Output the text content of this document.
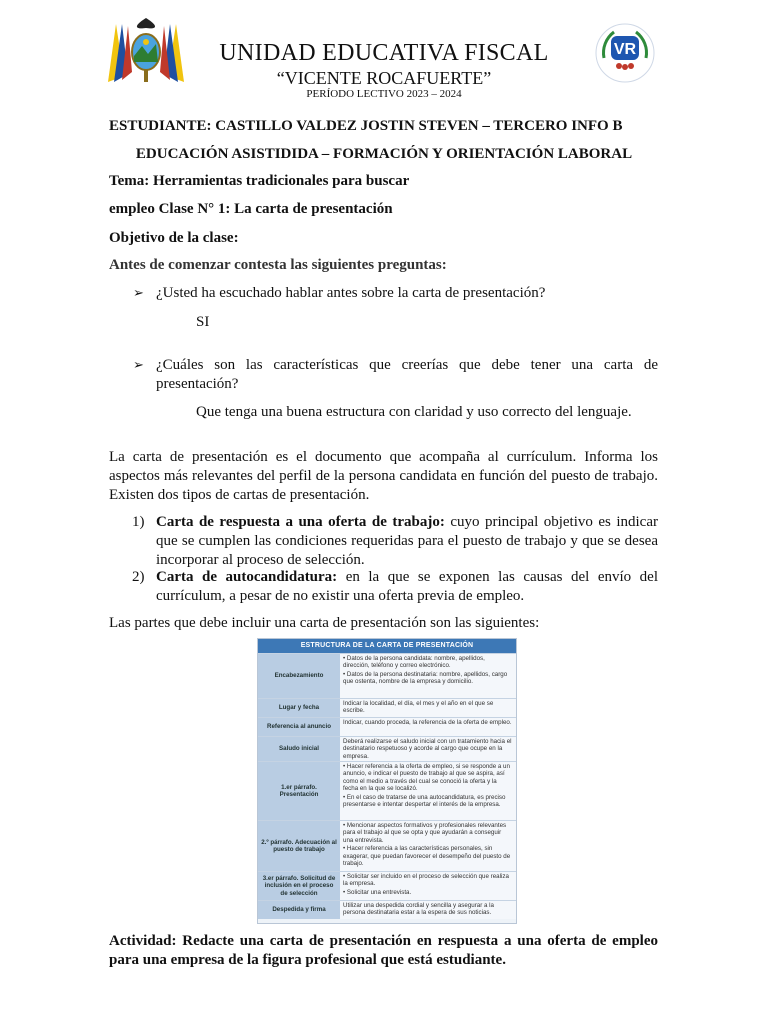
UNIDAD EDUCATIVA FISCAL
“VICENTE ROCAFUERTE”
PERÍODO LECTIVO 2023 – 2024
VR
ESTUDIANTE: CASTILLO VALDEZ JOSTIN STEVEN – TERCERO INFO B
EDUCACIÓN ASISTIDIDA – FORMACIÓN Y ORIENTACIÓN LABORAL
Tema: Herramientas tradicionales para buscar
empleo Clase N° 1: La carta de presentación
Objetivo de la clase:
Antes de comenzar contesta las siguientes preguntas:
➢ ¿Usted ha escuchado hablar antes sobre la carta de presentación?
SI
➢ ¿Cuáles son las características que creerías que debe tener una carta de presentación?
Que tenga una buena estructura con claridad y uso correcto del lenguaje.
La carta de presentación es el documento que acompaña al currículum. Informa los aspectos más relevantes del perfil de la persona candidata en función del puesto de trabajo. Existen dos tipos de cartas de presentación.
1) Carta de respuesta a una oferta de trabajo: cuyo principal objetivo es indicar que se cumplen las condiciones requeridas para el puesto de trabajo y que se desea incorporar al proceso de selección.
2) Carta de autocandidatura: en la que se exponen las causas del envío del currículum, a pesar de no existir una oferta previa de empleo.
Las partes que debe incluir una carta de presentación son las siguientes:
ESTRUCTURA DE LA CARTA DE PRESENTACIÓN
Encabezamiento
• Datos de la persona candidata: nombre, apellidos, dirección, teléfono y correo electrónico.
• Datos de la persona destinataria: nombre, apellidos, cargo que ostenta, nombre de la empresa y domicilio.
Lugar y fecha
Indicar la localidad, el día, el mes y el año en el que se escribe.
Referencia al anuncio
Indicar, cuando proceda, la referencia de la oferta de empleo.
Saludo inicial
Deberá realizarse el saludo inicial con un tratamiento hacia el destinatario respetuoso y acorde al cargo que ocupe en la empresa.
1.er párrafo. Presentación
• Hacer referencia a la oferta de empleo, si se responde a un anuncio, e indicar el puesto de trabajo al que se aspira, así como el medio a través del cual se conoció la oferta y la fecha en la que se localizó.
• En el caso de tratarse de una autocandidatura, es preciso presentarse e intentar despertar el interés de la empresa.
2.º párrafo. Adecuación al puesto de trabajo
• Mencionar aspectos formativos y profesionales relevantes para el trabajo al que se opta y que ayudarán a conseguir una entrevista.
• Hacer referencia a las características personales, sin exagerar, que puedan favorecer el desempeño del puesto de trabajo.
3.er párrafo. Solicitud de inclusión en el proceso de selección
• Solicitar ser incluido en el proceso de selección que realiza la empresa.
• Solicitar una entrevista.
Despedida y firma
Utilizar una despedida cordial y sencilla y asegurar a la persona destinataria estar a la espera de sus noticias.
Actividad: Redacte una carta de presentación en respuesta a una oferta de empleo para una empresa de la figura profesional que está estudiante.
